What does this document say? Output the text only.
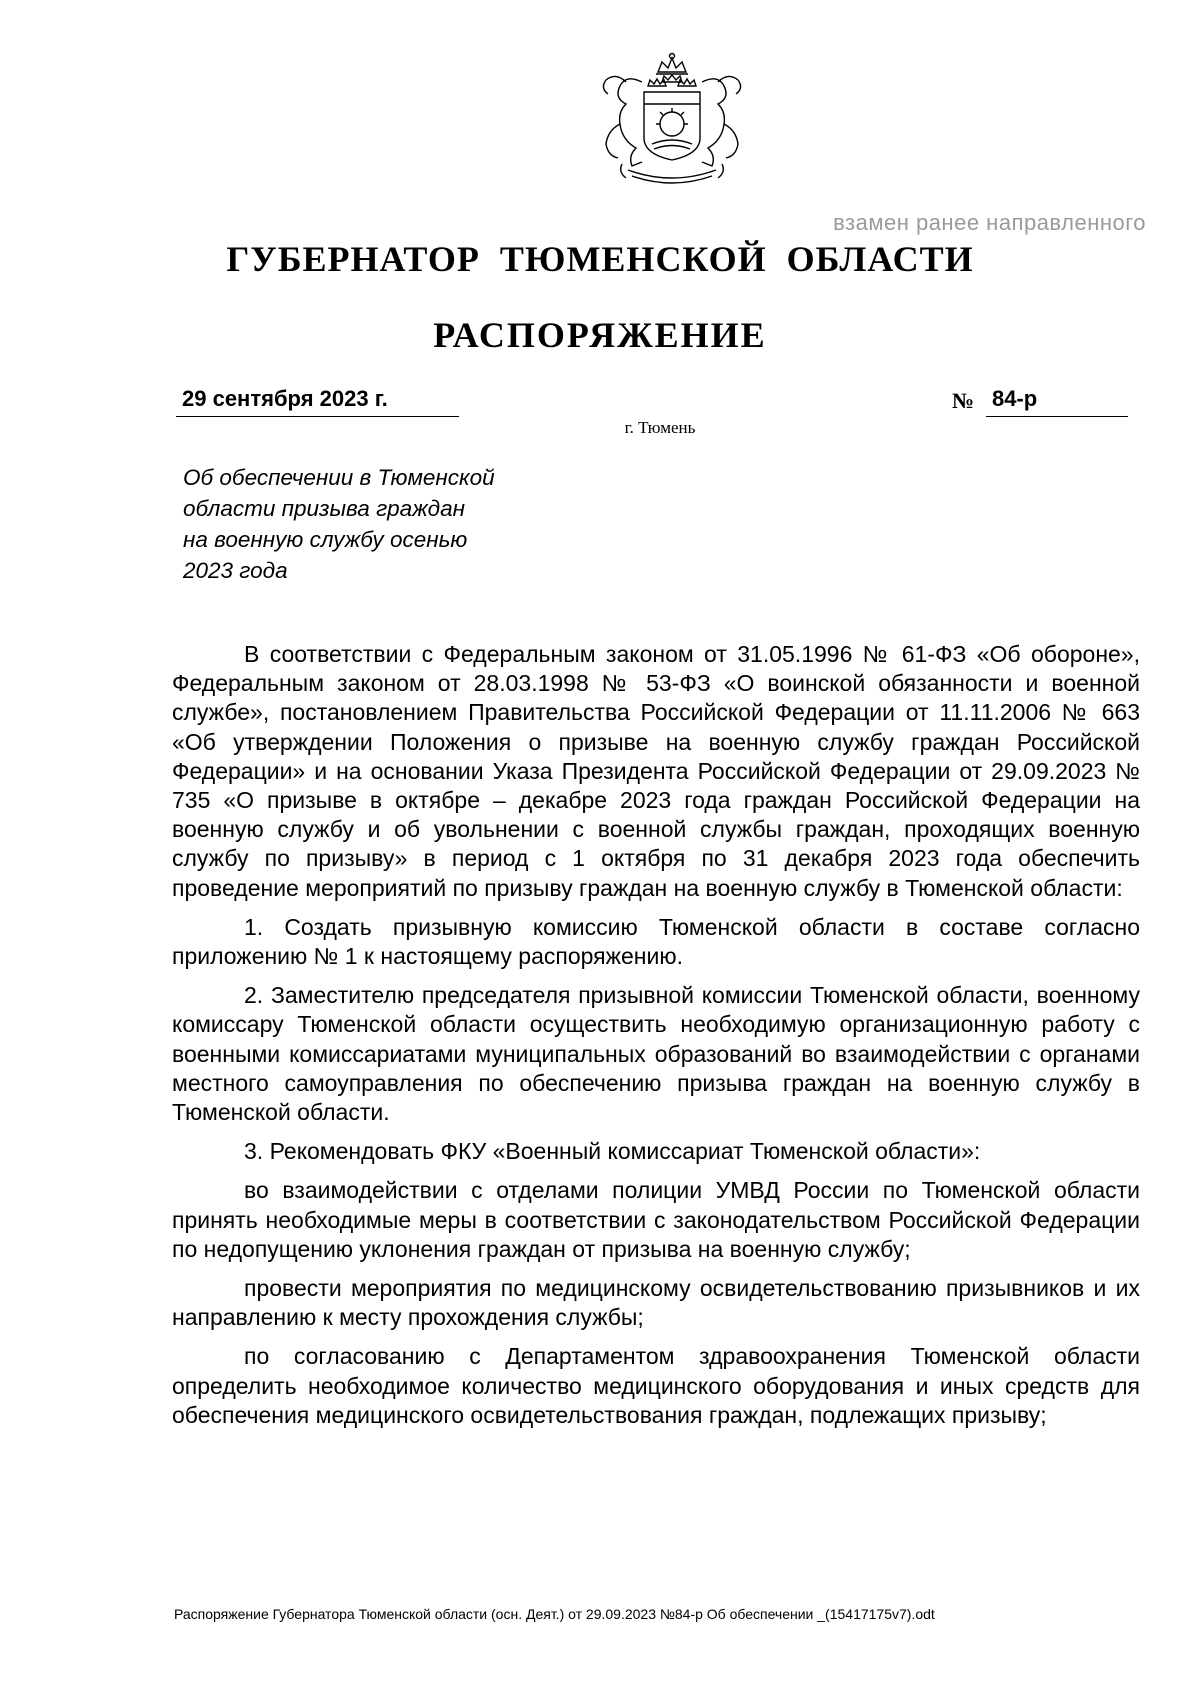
взамен ранее направленного
ГУБЕРНАТОР  ТЮМЕНСКОЙ  ОБЛАСТИ
РАСПОРЯЖЕНИЕ
29 сентября 2023 г.	№ 84-р
г. Тюмень
Об обеспечении в Тюменской
области призыва граждан
на военную службу осенью
2023 года

В соответствии с Федеральным законом от 31.05.1996 № 61-ФЗ «Об обороне», Федеральным законом от 28.03.1998 № 53-ФЗ «О воинской обязанности и военной службе», постановлением Правительства Российской Федерации от 11.11.2006 № 663 «Об утверждении Положения о призыве на военную службу граждан Российской Федерации» и на основании Указа Президента Российской Федерации от 29.09.2023 № 735 «О призыве в октябре – декабре 2023 года граждан Российской Федерации на военную службу и об увольнении с военной службы граждан, проходящих военную службу по призыву» в период с 1 октября по 31 декабря 2023 года обеспечить проведение мероприятий по призыву граждан на военную службу в Тюменской области:

1. Создать призывную комиссию Тюменской области в составе согласно приложению № 1 к настоящему распоряжению.

2. Заместителю председателя призывной комиссии Тюменской области, военному комиссару Тюменской области осуществить необходимую организационную работу с военными комиссариатами муниципальных образований во взаимодействии с органами местного самоуправления по обеспечению призыва граждан на военную службу в Тюменской области.

3. Рекомендовать ФКУ «Военный комиссариат Тюменской области»:

во взаимодействии с отделами полиции УМВД России по Тюменской области принять необходимые меры в соответствии с законодательством Российской Федерации по недопущению уклонения граждан от призыва на военную службу;

провести мероприятия по медицинскому освидетельствованию призывников и их направлению к месту прохождения службы;

по согласованию с Департаментом здравоохранения Тюменской области определить необходимое количество медицинского оборудования и иных средств для обеспечения медицинского освидетельствования граждан, подлежащих призыву;

Распоряжение Губернатора Тюменской области (осн. Деят.) от 29.09.2023 №84-р Об обеспечении _(15417175v7).odt
